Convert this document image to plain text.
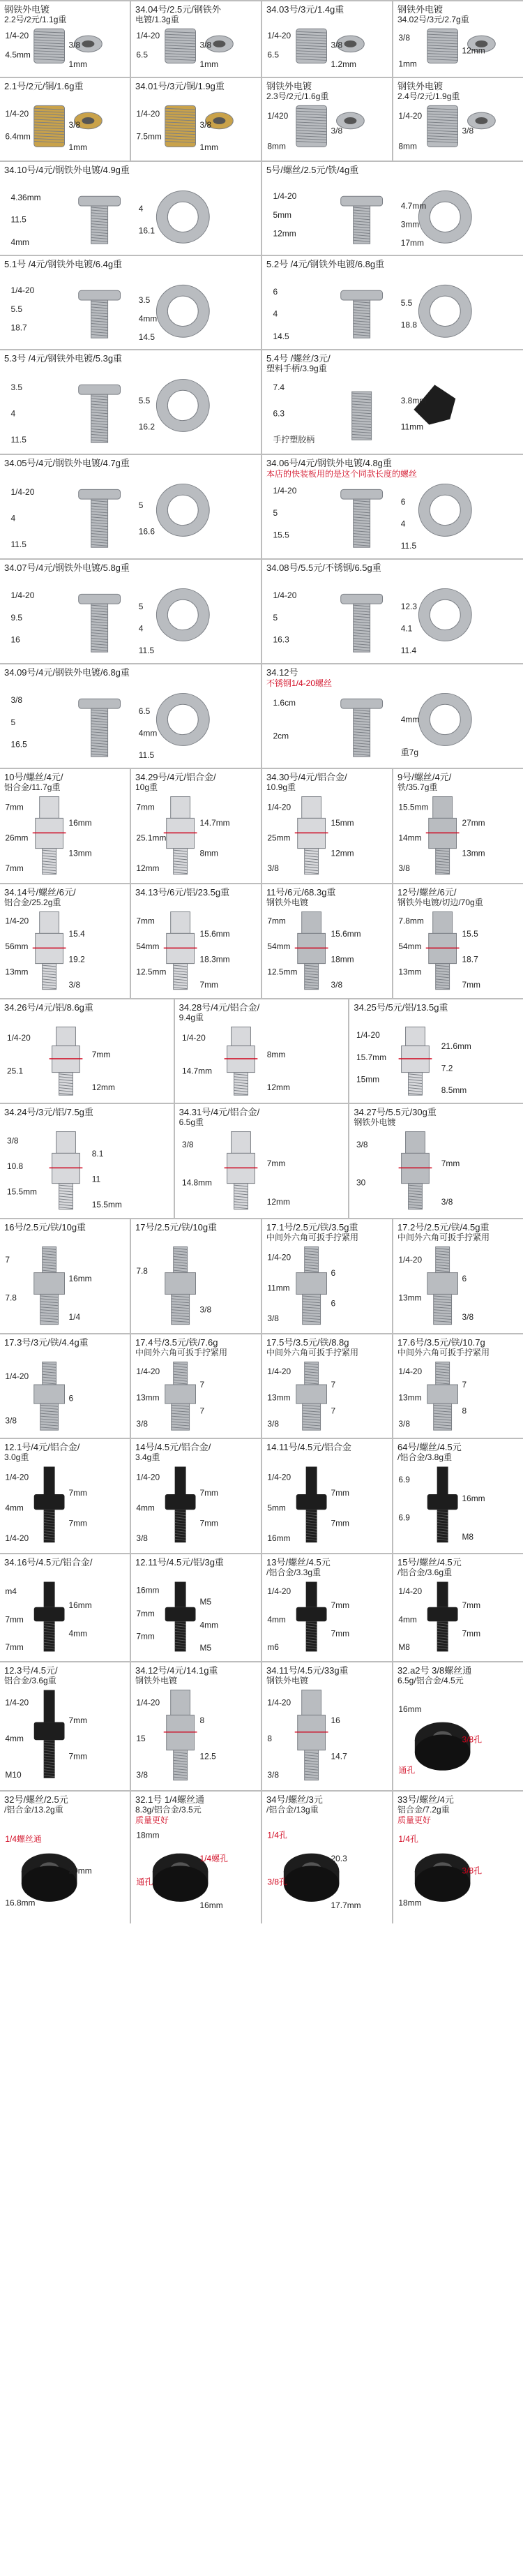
1/4-20
3/8
4.5mm
1mm
钢铁外电镀
2.2号/2元/1.1g重
1/4-20
3/8
6.5
1mm
34.04号/2.5元/钢铁外
电镀/1.3g重
1/4-20
3/8
6.5
1.2mm
34.03号/3元/1.4g重
3/8
12mm
1mm
钢铁外电镀
34.02号/3元/2.7g重
1/4-20
3/8
6.4mm
1mm
2.1号/2元/铜/1.6g重
1/4-20
3/8
7.5mm
1mm
34.01号/3元/铜/1.9g重
1/420
3/8
8mm
钢铁外电镀
2.3号/2元/1.6g重
1/4-20
3/8
8mm
钢铁外电镀
2.4号/2元/1.9g重
4.36mm
4
11.5
16.1
4mm
34.10号/4元/钢铁外电镀/4.9g重
1/4-20
4.7mm
5mm
3mm
12mm
17mm
5号/螺丝/2.5元/铁/4g重
1/4-20
3.5
5.5
4mm
18.7
14.5
5.1号 /4元/钢铁外电镀/6.4g重
6
5.5
4
18.8
14.5
5.2号 /4元/钢铁外电镀/6.8g重
3.5
5.5
4
16.2
11.5
5.3号 /4元/钢铁外电镀/5.3g重
7.4
3.8mm
6.3
11mm
手拧塑胶柄
5.4号 /螺丝/3元/
塑料手柄/3.9g重
1/4-20
5
4
16.6
11.5
34.05号/4元/钢铁外电镀/4.7g重
1/4-20
6
5
4
15.5
11.5
34.06号/4元/钢铁外电镀/4.8g重
本店的快装板用的是这个同款长度的螺丝
1/4-20
5
9.5
4
16
11.5
34.07号/4元/钢铁外电镀/5.8g重
1/4-20
12.3
5
4.1
16.3
11.4
34.08号/5.5元/不锈钢/6.5g重
3/8
6.5
5
4mm
16.5
11.5
34.09号/4元/钢铁外电镀/6.8g重
1.6cm
4mm
2cm
重7g
34.12号
不锈钢1/4-20螺丝
7mm
16mm
26mm
13mm
7mm
10号/螺丝/4元/
铝合金/11.7g重
7mm
14.7mm
25.1mm
8mm
12mm
34.29号/4元/铝合金/
10g重
1/4-20
15mm
25mm
12mm
3/8
34.30号/4元/铝合金/
10.9g重
15.5mm
27mm
14mm
13mm
3/8
9号/螺丝/4元/
铁/35.7g重
1/4-20
15.4
56mm
19.2
13mm
3/8
34.14号/螺丝/6元/
铝合金/25.2g重
7mm
15.6mm
54mm
18.3mm
12.5mm
7mm
34.13号/6元/铝/23.5g重
7mm
15.6mm
54mm
18mm
12.5mm
3/8
11号/6元/68.3g重
钢铁外电镀
7.8mm
15.5
54mm
18.7
13mm
7mm
12号/螺丝/6元/
钢铁外电镀/切边/70g重
1/4-20
7mm
25.1
12mm
34.26号/4元/铝/8.6g重
1/4-20
8mm
14.7mm
12mm
34.28号/4元/铝合金/
9.4g重
1/4-20
21.6mm
15.7mm
7.2
15mm
8.5mm
34.25号/5元/铝/13.5g重
3/8
8.1
10.8
11
15.5mm
15.5mm
34.24号/3元/铝/7.5g重
3/8
7mm
14.8mm
12mm
34.31号/4元/铝合金/
6.5g重
3/8
7mm
30
3/8
34.27号/5.5元/30g重
钢铁外电镀
7
16mm
7.8
1/4
16号/2.5元/铁/10g重
7.8
3/8
17号/2.5元/铁/10g重
1/4-20
6
11mm
6
3/8
17.1号/2.5元/铁/3.5g重
中间外六角可扳手拧紧用
1/4-20
6
13mm
3/8
17.2号/2.5元/铁/4.5g重
中间外六角可扳手拧紧用
1/4-20
6
3/8
17.3号/3元/铁/4.4g重
1/4-20
7
13mm
7
3/8
17.4号/3.5元/铁/7.6g
中间外六角可扳手拧紧用
1/4-20
7
13mm
7
3/8
17.5号/3.5元/铁/8.8g
中间外六角可扳手拧紧用
1/4-20
7
13mm
8
3/8
17.6号/3.5元/铁/10.7g
中间外六角可扳手拧紧用
1/4-20
7mm
4mm
7mm
1/4-20
12.1号/4元/铝合金/
3.0g重
1/4-20
7mm
4mm
7mm
3/8
14号/4.5元/铝合金/
3.4g重
1/4-20
7mm
5mm
7mm
16mm
14.11号/4.5元/铝合金
6.9
16mm
6.9
M8
64号/螺丝/4.5元
/铝合金/3.8g重
m4
16mm
7mm
4mm
7mm
34.16号/4.5元/铝合金/
16mm
M5
7mm
4mm
7mm
M5
12.11号/4.5元/铝/3g重
1/4-20
7mm
4mm
7mm
m6
13号/螺丝/4.5元
/铝合金/3.3g重
1/4-20
7mm
4mm
7mm
M8
15号/螺丝/4.5元
/铝合金/3.6g重
1/4-20
7mm
4mm
7mm
M10
12.3号/4.5元/
铝合金/3.6g重
1/4-20
8
15
12.5
3/8
34.12号/4元/14.1g重
钢铁外电镀
1/4-20
16
8
14.7
3/8
34.11号/4.5元/33g重
钢铁外电镀
16mm
3/8孔
通孔
32.a2号 3/8螺丝通
6.5g/铝合金/4.5元
1/4螺丝通
20mm
16.8mm
32号/螺丝/2.5元
/铝合金/13.2g重
18mm
1/4螺孔
通孔
16mm
32.1号 1/4螺丝通
8.3g/铝合金/3.5元
质量更好
1/4孔
20.3
3/8孔
17.7mm
34号/螺丝/3元
/铝合金/13g重
1/4孔
3/8孔
18mm
33号/螺丝/4元
铝合金/7.2g重
质量更好
